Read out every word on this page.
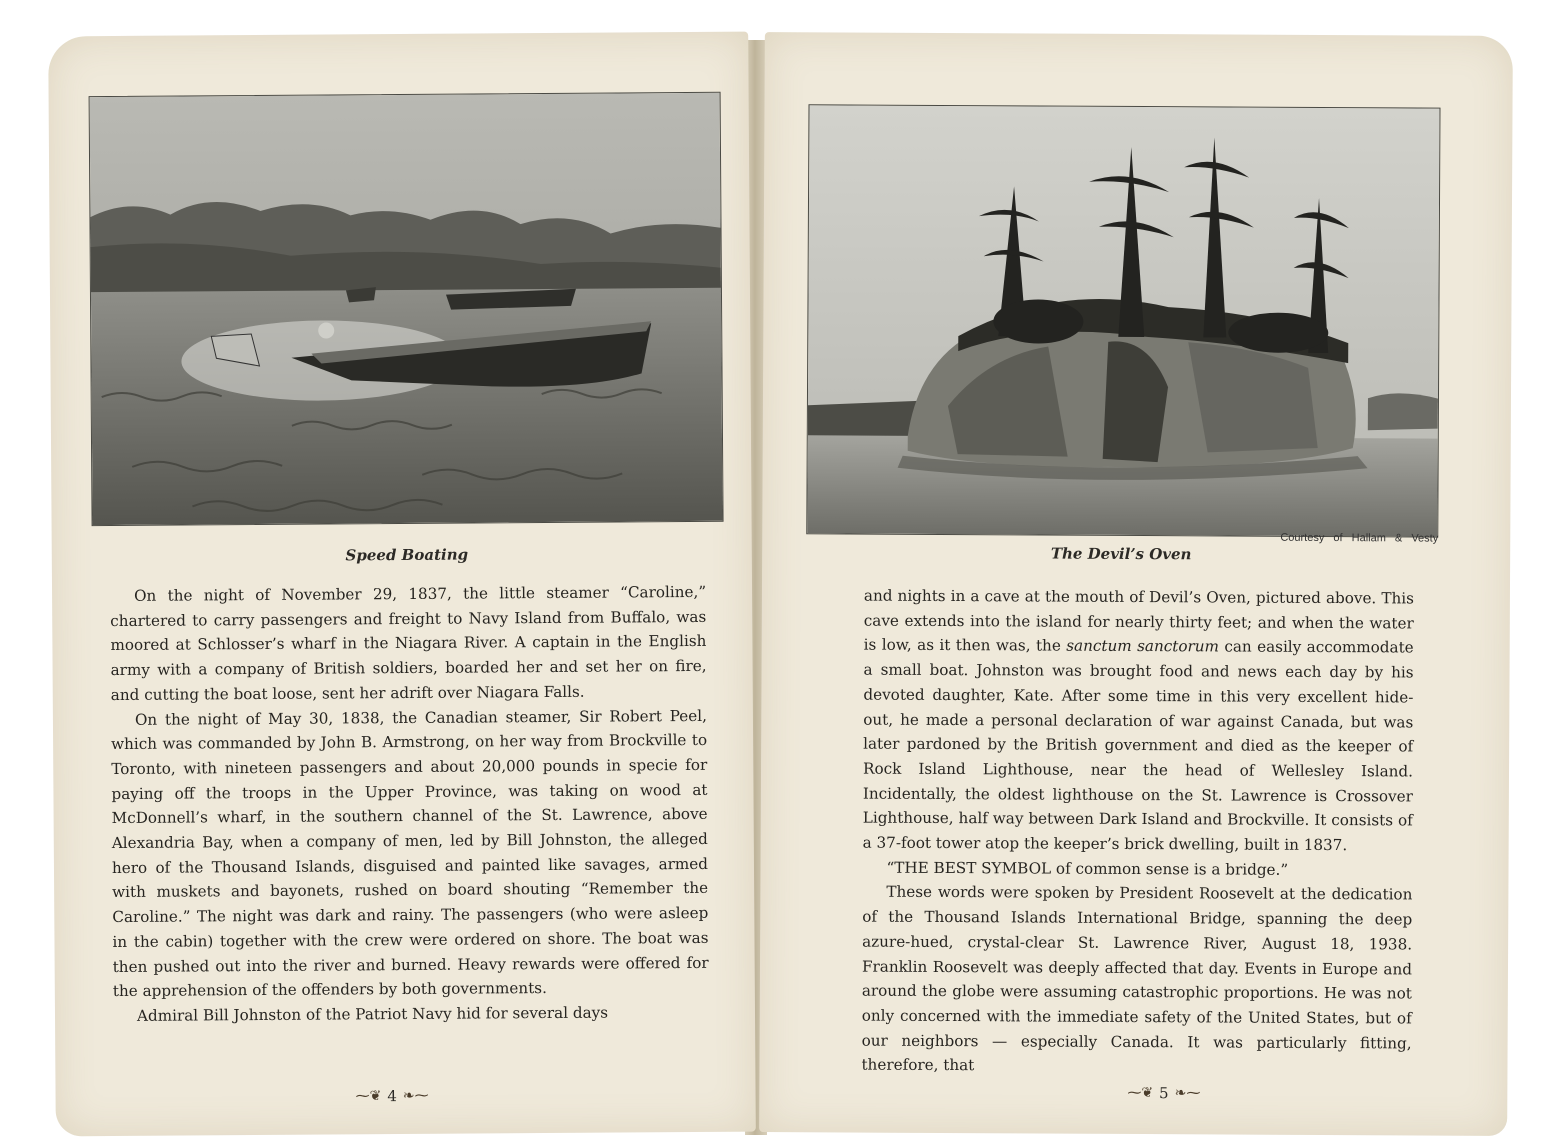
Speed Boating

On the night of November 29, 1837, the little steamer “Caroline,” chartered to carry passengers and freight to Navy Island from Buffalo, was moored at Schlosser’s wharf in the Niagara River. A captain in the English army with a company of British soldiers, boarded her and set her on fire, and cutting the boat loose, sent her adrift over Niagara Falls.

On the night of May 30, 1838, the Canadian steamer, Sir Robert Peel, which was commanded by John B. Armstrong, on her way from Brockville to Toronto, with nineteen passengers and about 20,000 pounds in specie for paying off the troops in the Upper Province, was taking on wood at McDonnell’s wharf, in the southern channel of the St. Lawrence, above Alexandria Bay, when a company of men, led by Bill Johnston, the alleged hero of the Thousand Islands, disguised and painted like savages, armed with muskets and bayonets, rushed on board shouting “Remember the Caroline.” The night was dark and rainy. The passengers (who were asleep in the cabin) together with the crew were ordered on shore. The boat was then pushed out into the river and burned. Heavy rewards were offered for the apprehension of the offenders by both governments.

Admiral Bill Johnston of the Patriot Navy hid for several days

⁓❦ 4 ❧⁓
Courtesy of Hallam & Vesty
The Devil’s Oven

and nights in a cave at the mouth of Devil’s Oven, pictured above. This cave extends into the island for nearly thirty feet; and when the water is low, as it then was, the sanctum sanctorum can easily accommodate a small boat. Johnston was brought food and news each day by his devoted daughter, Kate. After some time in this very excellent hide-out, he made a personal declaration of war against Canada, but was later pardoned by the British government and died as the keeper of Rock Island Lighthouse, near the head of Wellesley Island. Incidentally, the oldest lighthouse on the St. Lawrence is Crossover Lighthouse, half way between Dark Island and Brockville. It consists of a 37-foot tower atop the keeper’s brick dwelling, built in 1837.

“THE BEST SYMBOL of common sense is a bridge.”

These words were spoken by President Roosevelt at the dedication of the Thousand Islands International Bridge, spanning the deep azure-hued, crystal-clear St. Lawrence River, August 18, 1938. Franklin Roosevelt was deeply affected that day. Events in Europe and around the globe were assuming catastrophic proportions. He was not only concerned with the immediate safety of the United States, but of our neighbors — especially Canada. It was particularly fitting, therefore, that

⁓❦ 5 ❧⁓
